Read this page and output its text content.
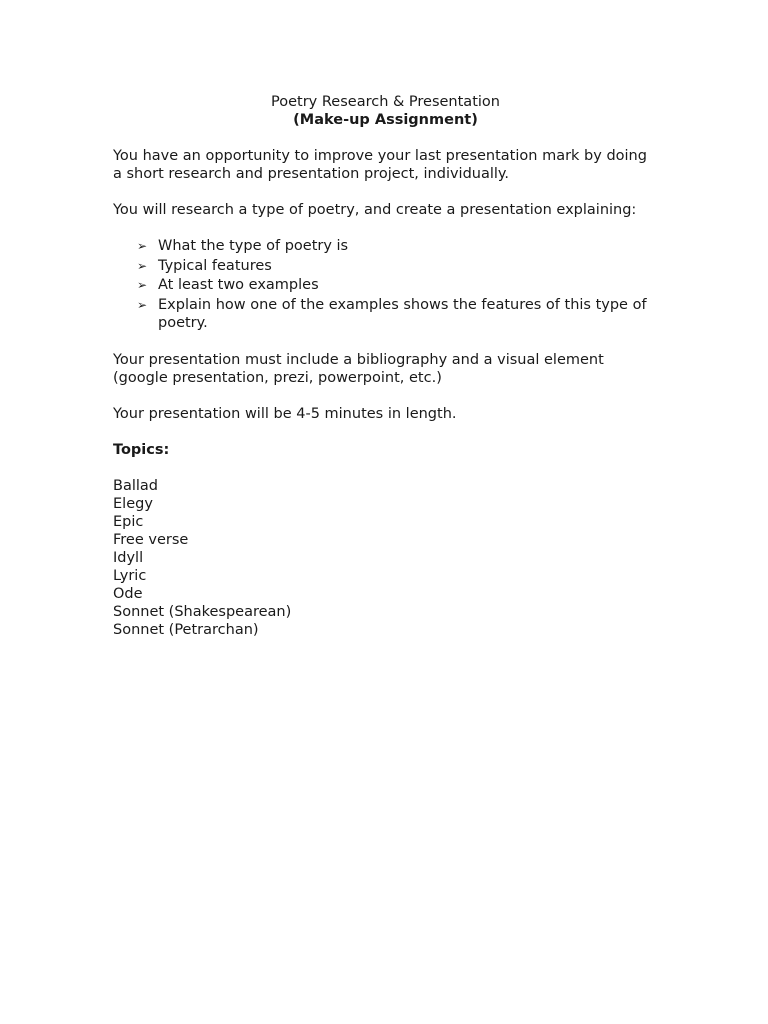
Poetry Research & Presentation
(Make-up Assignment)

You have an opportunity to improve your last presentation mark by doing a short research and presentation project, individually.

You will research a type of poetry, and create a presentation explaining:

➢ What the type of poetry is
➢ Typical features
➢ At least two examples
➢ Explain how one of the examples shows the features of this type of poetry.

Your presentation must include a bibliography and a visual element (google presentation, prezi, powerpoint, etc.)

Your presentation will be 4-5 minutes in length.

Topics:
Ballad
Elegy
Epic
Free verse
Idyll
Lyric
Ode
Sonnet (Shakespearean)
Sonnet (Petrarchan)
